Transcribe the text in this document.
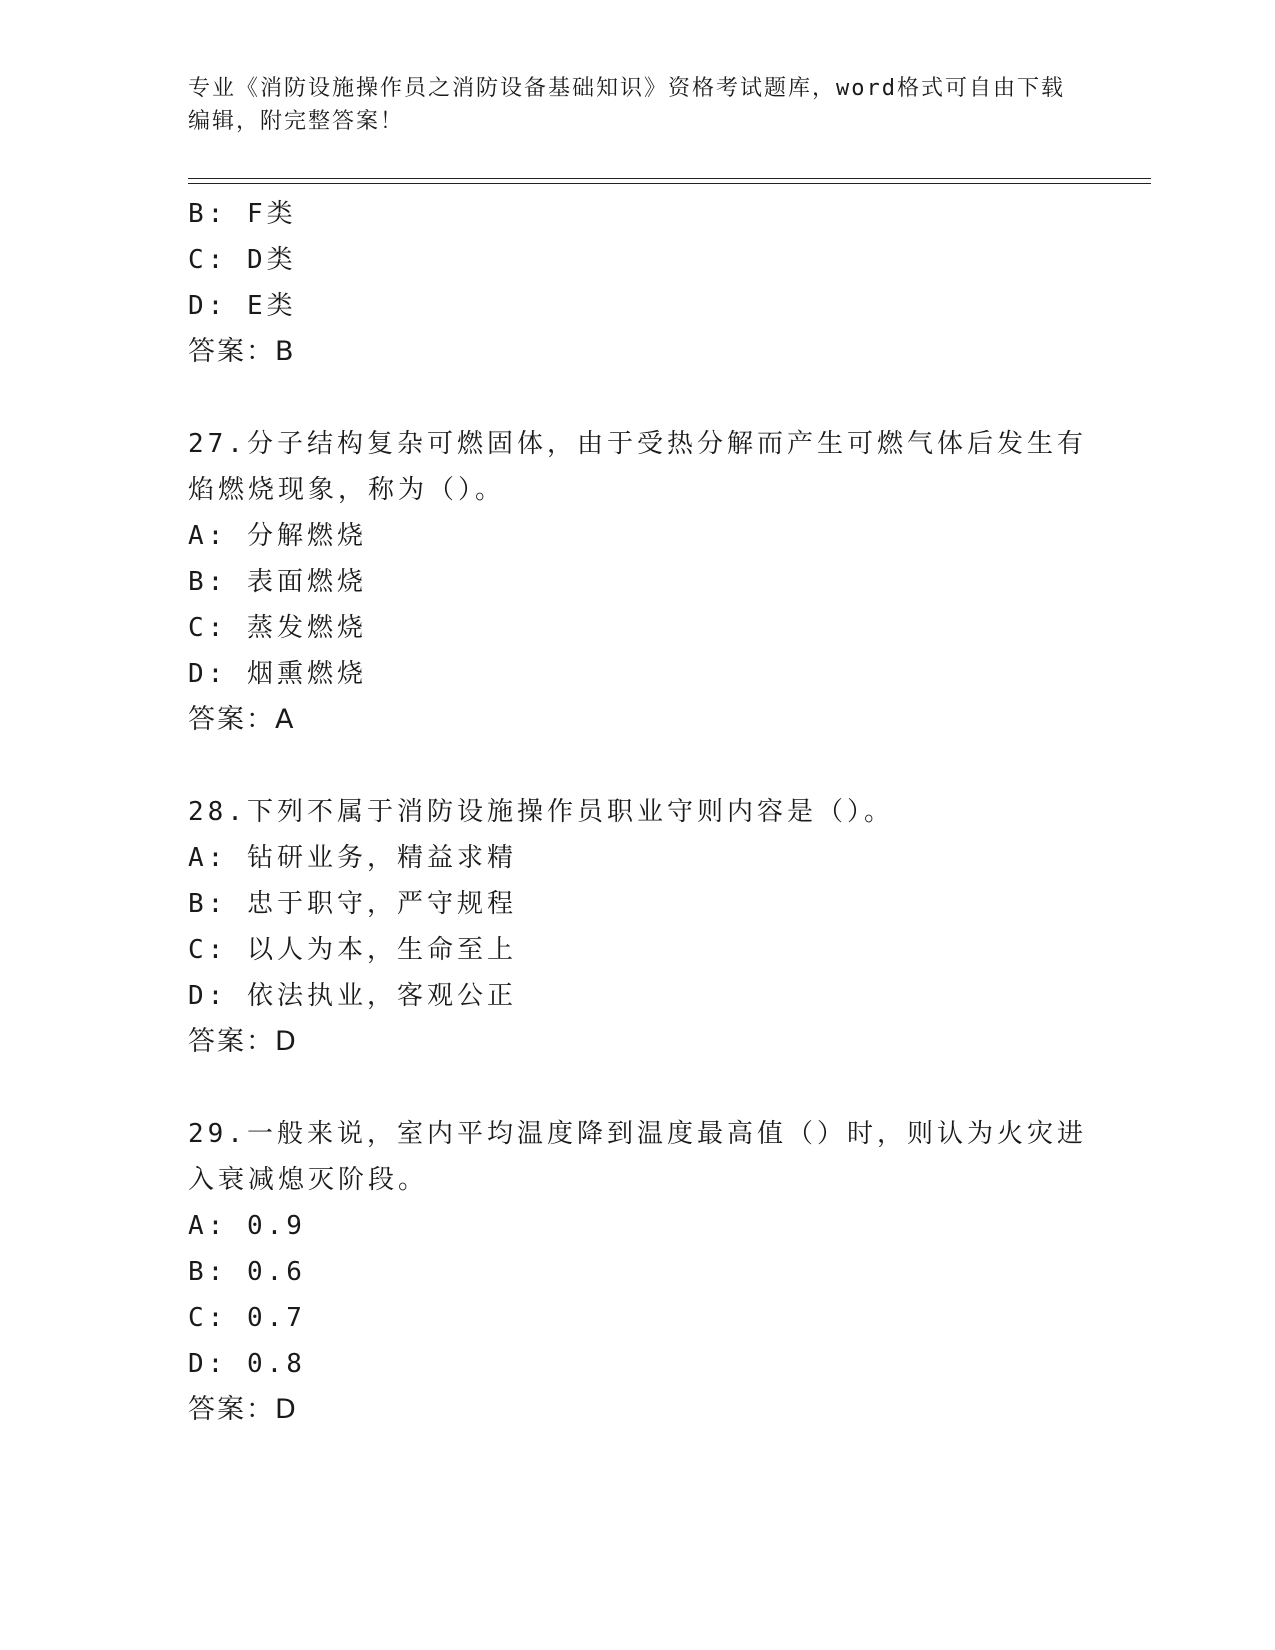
专业《消防设施操作员之消防设备基础知识》资格考试题库，word格式可自由下载编辑，附完整答案！
B: F类
C: D类
D: E类
答案：B
27.分子结构复杂可燃固体，由于受热分解而产生可燃气体后发生有焰燃烧现象，称为（）。
A: 分解燃烧
B: 表面燃烧
C: 蒸发燃烧
D: 烟熏燃烧
答案：A
28.下列不属于消防设施操作员职业守则内容是（）。
A: 钻研业务，精益求精
B: 忠于职守，严守规程
C: 以人为本，生命至上
D: 依法执业，客观公正
答案：D
29.一般来说，室内平均温度降到温度最高值（）时，则认为火灾进入衰减熄灭阶段。
A: 0.9
B: 0.6
C: 0.7
D: 0.8
答案：D
